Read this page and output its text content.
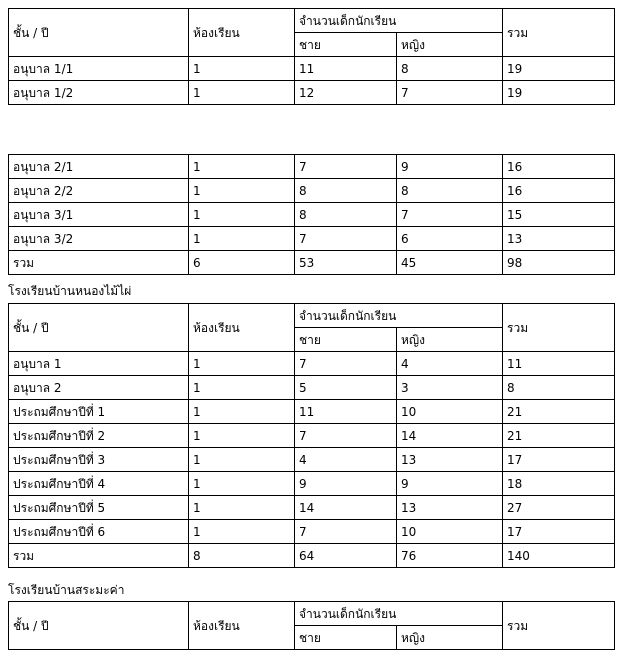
ชั้น / ปี	ห้องเรียน	จำนวนเด็กนักเรียน		รวม
		ชาย	หญิง	
อนุบาล 1/1	1	11	8	19
อนุบาล 1/2	1	12	7	19
อนุบาล 2/1	1	7	9	16
อนุบาล 2/2	1	8	8	16
อนุบาล 3/1	1	8	7	15
อนุบาล 3/2	1	7	6	13
รวม	6	53	45	98
โรงเรียนบ้านหนองไม้ไผ่
ชั้น / ปี	ห้องเรียน	จำนวนเด็กนักเรียน		รวม
		ชาย	หญิง	
อนุบาล 1	1	7	4	11
อนุบาล 2	1	5	3	8
ประถมศึกษาปีที่ 1	1	11	10	21
ประถมศึกษาปีที่ 2	1	7	14	21
ประถมศึกษาปีที่ 3	1	4	13	17
ประถมศึกษาปีที่ 4	1	9	9	18
ประถมศึกษาปีที่ 5	1	14	13	27
ประถมศึกษาปีที่ 6	1	7	10	17
รวม	8	64	76	140
โรงเรียนบ้านสระมะค่า
ชั้น / ปี	ห้องเรียน	จำนวนเด็กนักเรียน		รวม
		ชาย	หญิง	
